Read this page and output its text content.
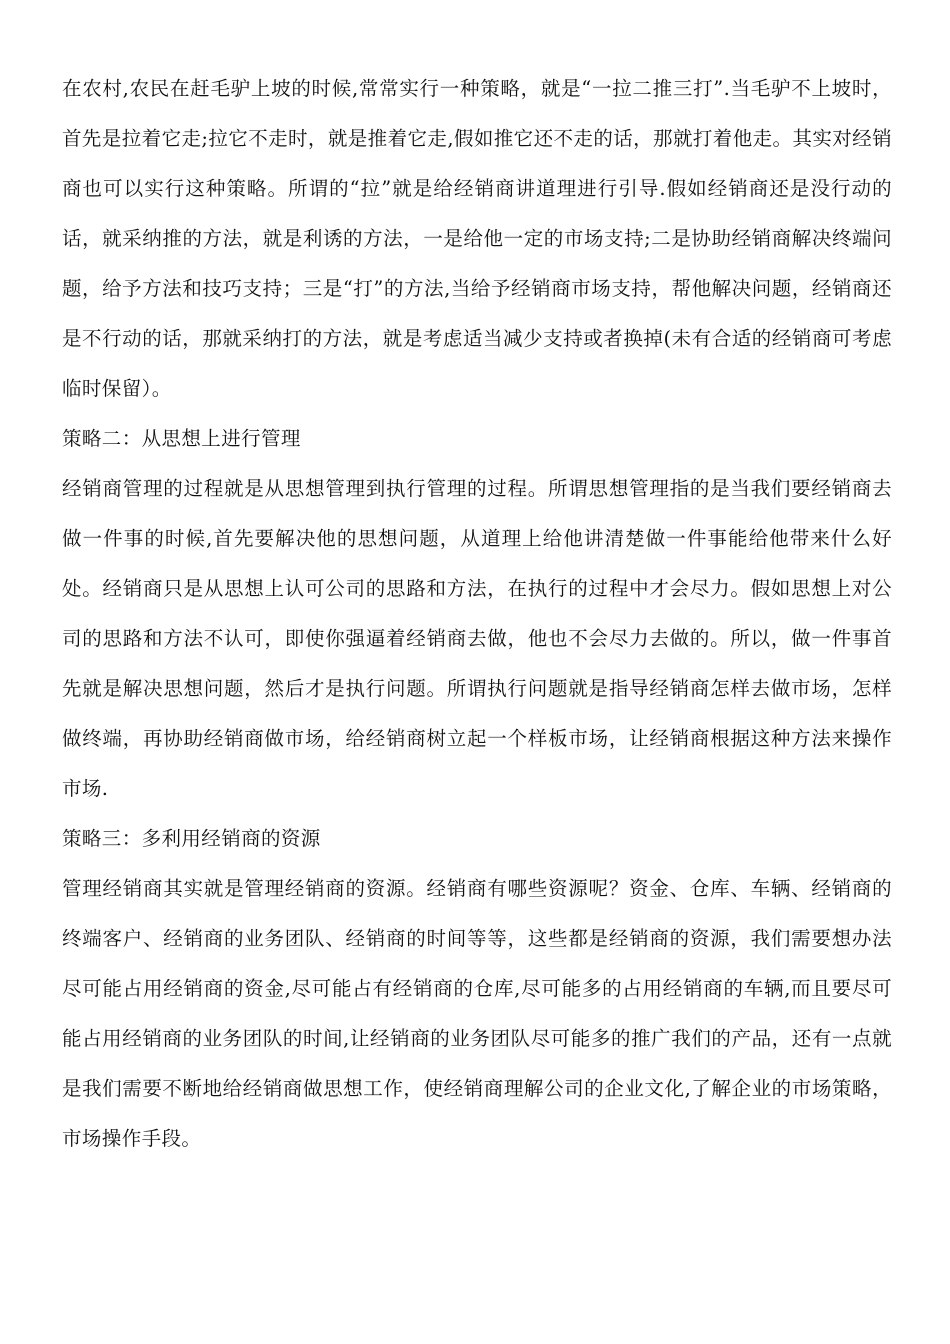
在农村,农民在赶毛驴上坡的时候,常常实行一种策略，就是“一拉二推三打”.当毛驴不上坡时，首先是拉着它走;拉它不走时，就是推着它走,假如推它还不走的话，那就打着他走。其实对经销商也可以实行这种策略。所谓的“拉”就是给经销商讲道理进行引导.假如经销商还是没行动的话，就采纳推的方法，就是利诱的方法，一是给他一定的市场支持;二是协助经销商解决终端问题，给予方法和技巧支持；三是“打”的方法,当给予经销商市场支持，帮他解决问题，经销商还是不行动的话，那就采纳打的方法，就是考虑适当减少支持或者换掉(未有合适的经销商可考虑临时保留）。

策略二：从思想上进行管理

经销商管理的过程就是从思想管理到执行管理的过程。所谓思想管理指的是当我们要经销商去做一件事的时候,首先要解决他的思想问题，从道理上给他讲清楚做一件事能给他带来什么好处。经销商只是从思想上认可公司的思路和方法，在执行的过程中才会尽力。假如思想上对公司的思路和方法不认可，即使你强逼着经销商去做，他也不会尽力去做的。所以，做一件事首先就是解决思想问题，然后才是执行问题。所谓执行问题就是指导经销商怎样去做市场，怎样做终端，再协助经销商做市场，给经销商树立起一个样板市场，让经销商根据这种方法来操作市场.

策略三：多利用经销商的资源

管理经销商其实就是管理经销商的资源。经销商有哪些资源呢？资金、仓库、车辆、经销商的终端客户、经销商的业务团队、经销商的时间等等，这些都是经销商的资源，我们需要想办法尽可能占用经销商的资金,尽可能占有经销商的仓库,尽可能多的占用经销商的车辆,而且要尽可能占用经销商的业务团队的时间,让经销商的业务团队尽可能多的推广我们的产品，还有一点就是我们需要不断地给经销商做思想工作，使经销商理解公司的企业文化,了解企业的市场策略，市场操作手段。
